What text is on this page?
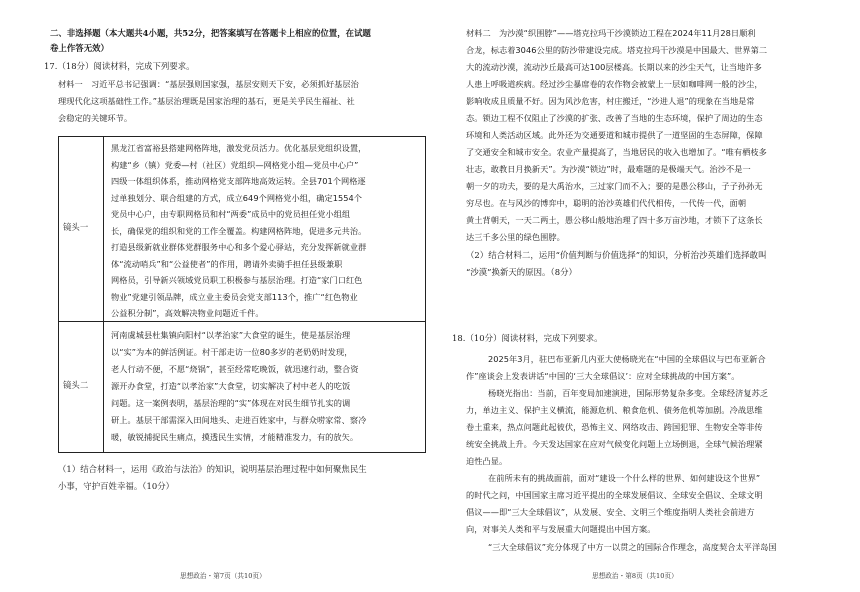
二、非选择题（本大题共4小题，共52分，把答案填写在答题卡上相应的位置，在试题
卷上作答无效）
17.（18分）阅读材料，完成下列要求。
材料一　习近平总书记强调：“基层强则国家强，基层安则天下安，必须抓好基层治
理现代化这项基础性工作。”基层治理既是国家治理的基石，更是关乎民生福祉、社
会稳定的关键环节。
镜头一
黑龙江省富裕县搭建网格阵地，激发党员活力。优化基层党组织设置，
构建“乡（镇）党委—村（社区）党组织—网格党小组—党员中心户”
四级一体组织体系，推动网格党支部阵地高效运转。全县701个网格逐
过单独划分、联合组建的方式，成立649个网格党小组，确定1554个
党员中心户，由专职网格员和村“两委”成员中的党员担任党小组组
长，确保党的组织和党的工作全覆盖。构建网格阵地，促进多元共治。
打造县级新就业群体党群服务中心和多个爱心驿站，充分发挥新就业群
体“流动哨兵”和“公益使者”的作用，聘请外卖骑手担任县级兼职
网格员，引导新兴领域党员职工积极参与基层治理。打造“家门口红色
物业”党建引领品牌，成立业主委员会党支部113个，推广“红色物业
公益积分制”，高效解决物业问题近千件。
镜头二
河南虞城县杜集镇向阳村“以孝治家”大食堂的诞生，使是基层治理
以“实”为本的鲜活例证。村干部走访一位80多岁的老奶奶时发现，
老人行动不便，不愿“烧锅”，甚至经常吃晚饭，就迅速行动，整合资
源开办食堂，打造“以孝治家”大食堂，切实解决了村中老人的吃饭
问题。这一案例表明，基层治理的“实”体现在对民生细节扎实的调
研上。基层干部需深入田间地头、走进百姓家中，与群众唠家常、察冷
暖，敏锐捕捉民生痛点，摸透民生实情，才能精准发力，有的放矢。
（1）结合材料一，运用《政治与法治》的知识，说明基层治理过程中如何聚焦民生
小事，守护百姓幸福。（10分）
思想政治・第7页（共10页）
材料二　为沙漠“织围脖”——塔克拉玛干沙漠锁边工程在2024年11月28日顺利
合龙，标志着3046公里的防沙带建设完成。塔克拉玛干沙漠是中国最大、世界第二
大的流动沙漠，流动沙丘最高可达100层楼高。长期以来的沙尘天气，让当地许多
人患上呼吸道疾病。经过沙尘暴席卷的农作物会被蒙上一层如咖啡网一般的沙尘，
影响收成且质量不好。因为风沙危害，村庄搬迁，“沙进人退”的现象在当地是常
态。锁边工程不仅阻止了沙漠的扩张、改善了当地的生态环境，保护了周边的生态
环境和人类活动区域。此外还为交通要道和城市提供了一道坚固的生态屏障，保障
了交通安全和城市安全。农业产量提高了，当地居民的收入也增加了。“唯有栖枝多
壮志，敢教日月换新天”。为沙漠“锁边”时，最难题的是极端天气。治沙不是一
朝一夕的功夫，要的是大禹治水，三过家门而不入；要的是愚公移山，子子孙孙无
穷尽也。在与风沙的博弈中，聪明的治沙英雄们代代相传，一代传一代，面朝
黄土背朝天，一天二两土，愚公移山般地治理了四十多万亩沙地，才锁下了这条长
达三千多公里的绿色围脖。
（2）结合材料二，运用“价值判断与价值选择”的知识，分析治沙英雄们选择敢叫
“沙漠”换新天的原因。（8分）
18.（10分）阅读材料，完成下列要求。
2025年3月，驻巴布亚新几内亚大使杨晓光在“中国的全球倡议与巴布亚新合
作”座谈会上发表讲话“中国的‘三大全球倡议’：应对全球挑战的中国方案”。
杨晓光指出：当前，百年变局加速演进，国际形势复杂多变。全球经济复苏乏
力，单边主义、保护主义横流，能源危机、粮食危机、债务危机等加剧。冷战思维
卷土重来，热点问题此起彼伏，恐怖主义、网络攻击、跨国犯罪、生物安全等非传
统安全挑战上升。今天发达国家在应对气候变化问题上立场倒退，全球气候治理紧
迫性凸显。
在前所未有的挑战面前，面对“建设一个什么样的世界、如何建设这个世界”
的时代之问，中国国家主席习近平提出的全球发展倡议、全球安全倡议、全球文明
倡议——即“三大全球倡议”，从发展、安全、文明三个维度指明人类社会前进方
向，对事关人类和平与发展重大问题提出中国方案。
“三大全球倡议”充分体现了中方一以贯之的国际合作理念，高度契合太平洋岛国
思想政治・第8页（共10页）
